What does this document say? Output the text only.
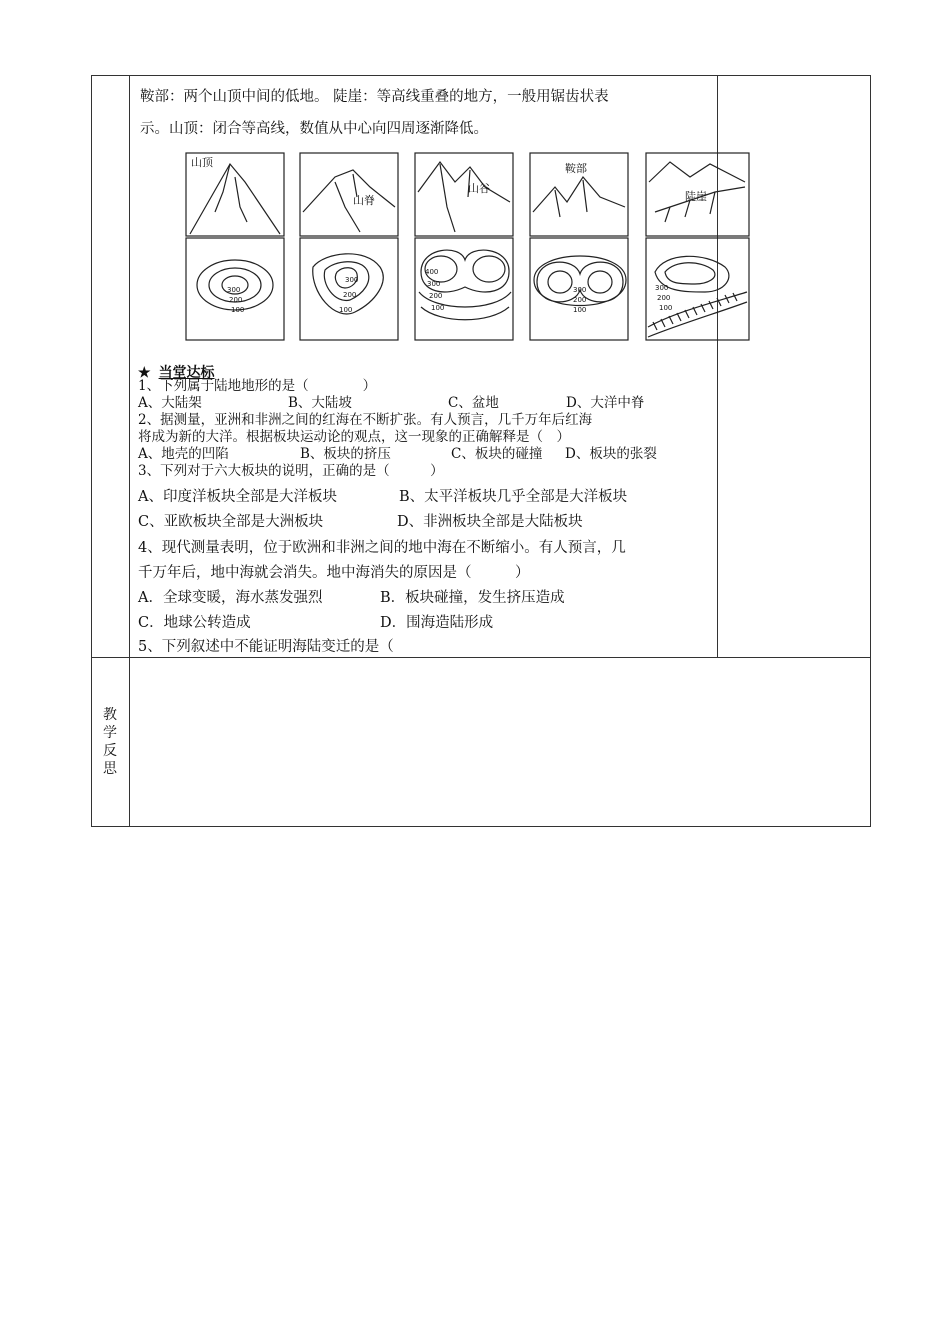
鞍部：两个山顶中间的低地。 陡崖：等高线重叠的地方，一般用锯齿状表
示。山顶：闭合等高线，数值从中心向四周逐渐降低。
山顶
山脊
山谷
鞍部
陡崖
300
200
100
300
200
100
400
300
200
100
300
200
100
300
200
100
★ 当堂达标
1、下列属于陆地地形的是（　　　　）
A、大陆架	B、大陆坡	C、盆地	D、大洋中脊
2、据测量，亚洲和非洲之间的红海在不断扩张。有人预言，几千万年后红海
将成为新的大洋。根据板块运动论的观点，这一现象的正确解释是（　）
A、地壳的凹陷	B、板块的挤压	C、板块的碰撞 D、板块的张裂
3、下列对于六大板块的说明，正确的是（　　　）
A、印度洋板块全部是大洋板块	B、太平洋板块几乎全部是大洋板块
C、亚欧板块全部是大洲板块	D、非洲板块全部是大陆板块
4、现代测量表明，位于欧洲和非洲之间的地中海在不断缩小。有人预言，几
千万年后，地中海就会消失。地中海消失的原因是（　　　）
A．全球变暖，海水蒸发强烈	B．板块碰撞，发生挤压造成
C．地球公转造成	D．围海造陆形成
5、下列叙述中不能证明海陆变迁的是（
教学反思
